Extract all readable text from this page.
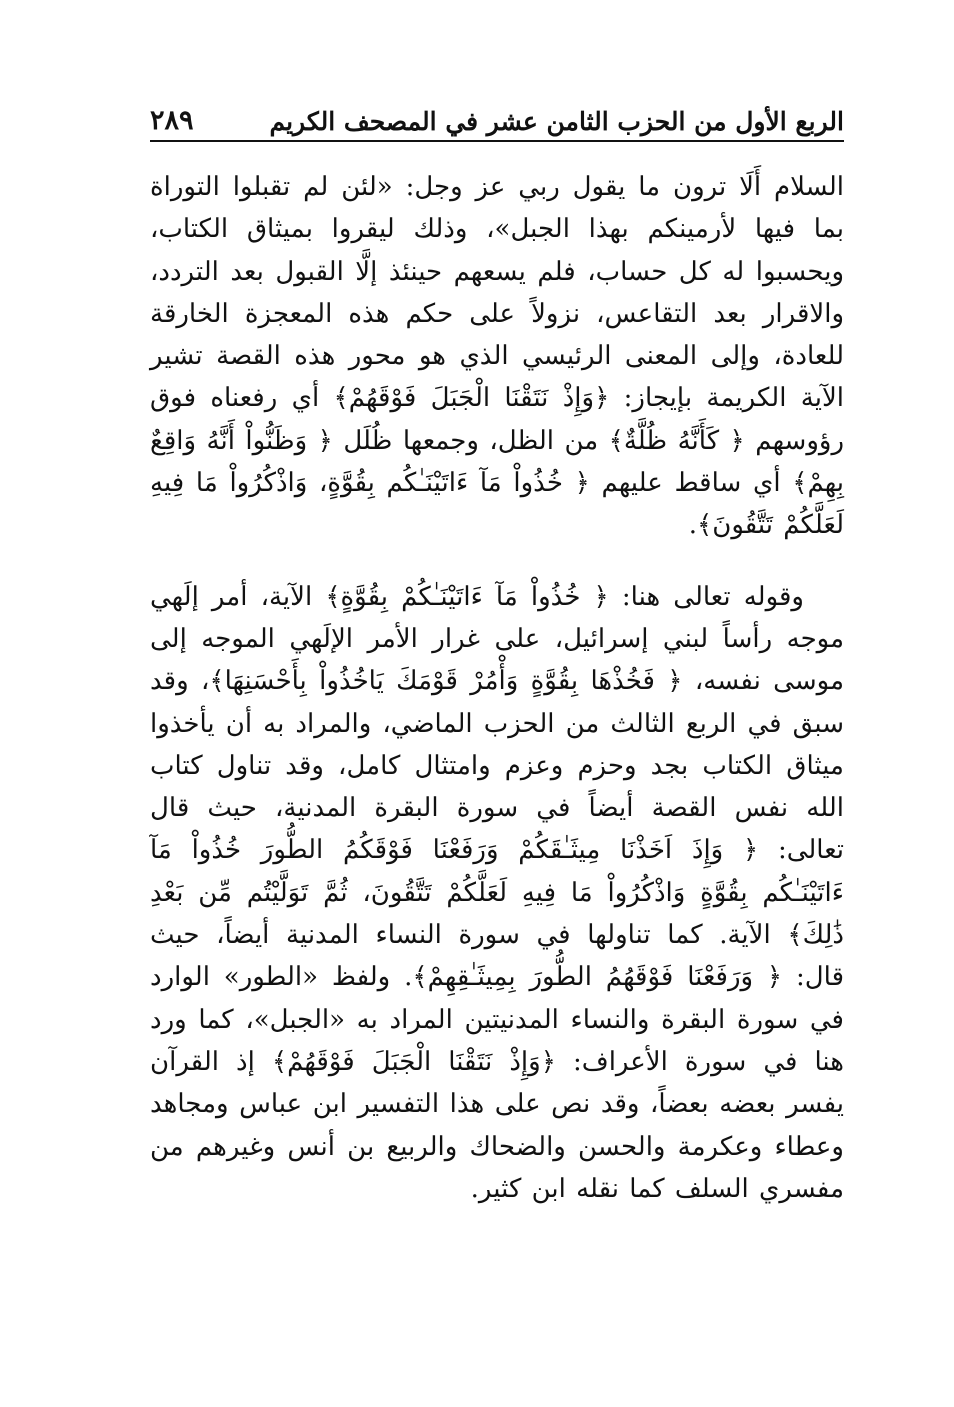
الربع الأول من الحزب الثامن عشر في المصحف الكريم
٢٨٩

السلام أَلَا ترون ما يقول ربي عز وجل: «لئن لم تقبلوا التوراة بما فيها لأرمينكم بهذا الجبل»، وذلك ليقروا بميثاق الكتاب، ويحسبوا له كل حساب، فلم يسعهم حينئذ إلَّا القبول بعد التردد، والاقرار بعد التقاعس، نزولاً على حكم هذه المعجزة الخارقة للعادة، وإلى المعنى الرئيسي الذي هو محور هذه القصة تشير الآية الكريمة بإيجاز: ﴿وَإِذْ نَتَقْنَا الْجَبَلَ فَوْقَهُمْ﴾ أي رفعناه فوق رؤوسهم ﴿ كَأَنَّهُ ظُلَّةٌ﴾ من الظل، وجمعها ظُلَل ﴿ وَظَنُّواْ أَنَّهُ وَاقِعٌ بِهِمْ﴾ أي ساقط عليهم ﴿ خُذُواْ مَآ ءَاتَيْنَـٰكُم بِقُوَّةٍ، وَاذْكُرُواْ مَا فِيهِ لَعَلَّكُمْ تَتَّقُونَ﴾.

وقوله تعالى هنا: ﴿ خُذُواْ مَآ ءَاتَيْنَـٰكُمْ بِقُوَّةٍ﴾ الآية، أمر إلَهي موجه رأساً لبني إسرائيل، على غرار الأمر الإلَهي الموجه إلى موسى نفسه، ﴿ فَخُذْهَا بِقُوَّةٍ وَأْمُرْ قَوْمَكَ يَاخُذُواْ بِأَحْسَنِهَا﴾، وقد سبق في الربع الثالث من الحزب الماضي، والمراد به أن يأخذوا ميثاق الكتاب بجد وحزم وعزم وامتثال كامل، وقد تناول كتاب الله نفس القصة أيضاً في سورة البقرة المدنية، حيث قال تعالى: ﴿ وَإِذَ اَخَذْنَا مِيثَـٰقَكُمْ وَرَفَعْنَا فَوْقَكُمُ الطُّورَ خُذُواْ مَآ ءَاتَيْنَـٰكُم بِقُوَّةٍ وَاذْكُرُواْ مَا فِيهِ لَعَلَّكُمْ تَتَّقُونَ، ثُمَّ تَوَلَّيْتُم مِّن بَعْدِ ذَٰلِكَ﴾ الآية. كما تناولها في سورة النساء المدنية أيضاً، حيث قال: ﴿ وَرَفَعْنَا فَوْقَهُمُ الطُّورَ بِمِيثَـٰقِهِمْ﴾. ولفظ «الطور» الوارد في سورة البقرة والنساء المدنيتين المراد به «الجبل»، كما ورد هنا في سورة الأعراف: ﴿وَإِذْ نَتَقْنَا الْجَبَلَ فَوْقَهُمْ﴾ إذ القرآن يفسر بعضه بعضاً، وقد نص على هذا التفسير ابن عباس ومجاهد وعطاء وعكرمة والحسن والضحاك والربيع بن أنس وغيرهم من مفسري السلف كما نقله ابن كثير.
